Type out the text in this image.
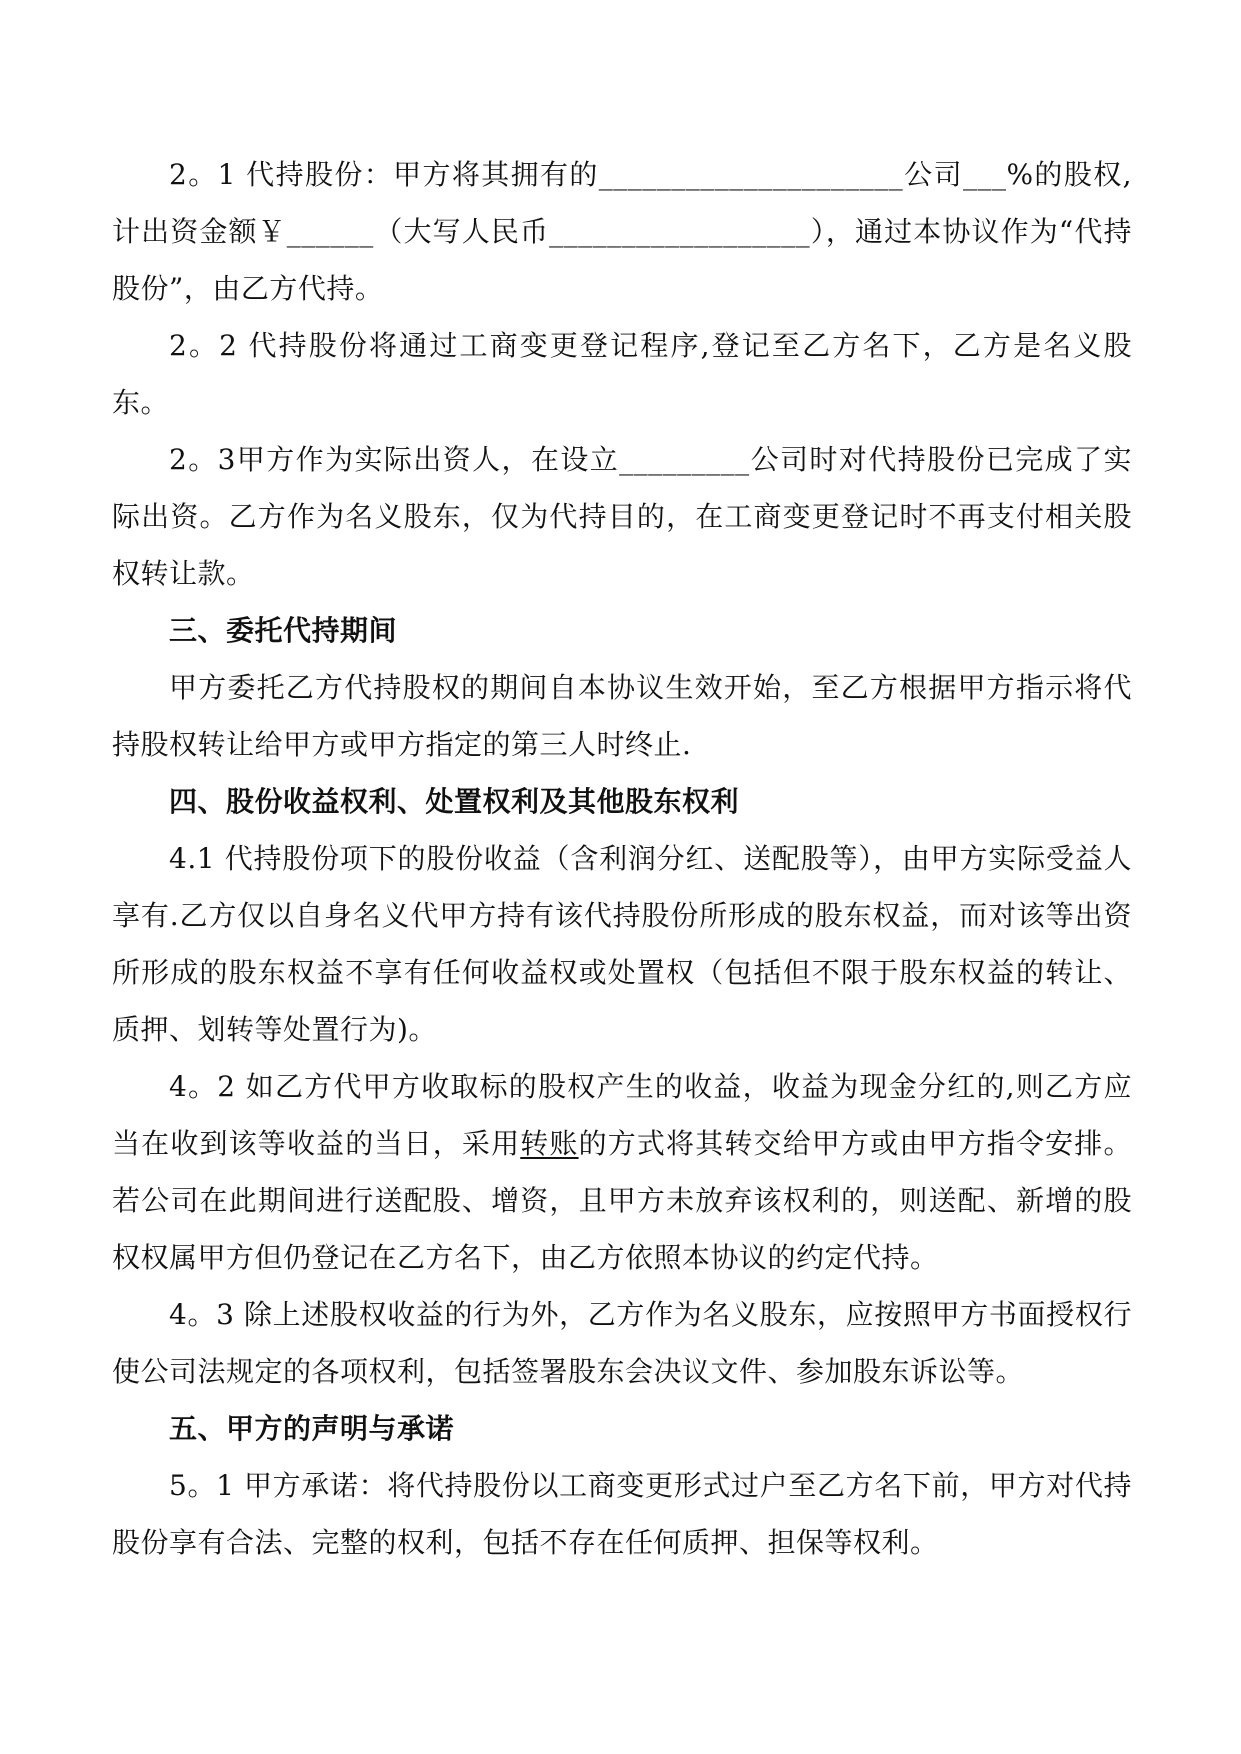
2。1 代持股份：甲方将其拥有的_____________________公司___%的股权,计出资金额￥______（大写人民币__________________），通过本协议作为“代持股份”，由乙方代持。

2。2 代持股份将通过工商变更登记程序,登记至乙方名下，乙方是名义股东。

2。3甲方作为实际出资人，在设立_________公司时对代持股份已完成了实际出资。乙方作为名义股东，仅为代持目的，在工商变更登记时不再支付相关股权转让款。

三、委托代持期间

甲方委托乙方代持股权的期间自本协议生效开始，至乙方根据甲方指示将代持股权转让给甲方或甲方指定的第三人时终止.

四、股份收益权利、处置权利及其他股东权利

4.1 代持股份项下的股份收益（含利润分红、送配股等），由甲方实际受益人享有.乙方仅以自身名义代甲方持有该代持股份所形成的股东权益，而对该等出资所形成的股东权益不享有任何收益权或处置权（包括但不限于股东权益的转让、质押、划转等处置行为)。

4。2 如乙方代甲方收取标的股权产生的收益，收益为现金分红的,则乙方应当在收到该等收益的当日，采用转账的方式将其转交给甲方或由甲方指令安排。若公司在此期间进行送配股、增资，且甲方未放弃该权利的，则送配、新增的股权权属甲方但仍登记在乙方名下，由乙方依照本协议的约定代持。

4。3 除上述股权收益的行为外，乙方作为名义股东，应按照甲方书面授权行使公司法规定的各项权利，包括签署股东会决议文件、参加股东诉讼等。

五、甲方的声明与承诺

5。1 甲方承诺：将代持股份以工商变更形式过户至乙方名下前，甲方对代持股份享有合法、完整的权利，包括不存在任何质押、担保等权利。
